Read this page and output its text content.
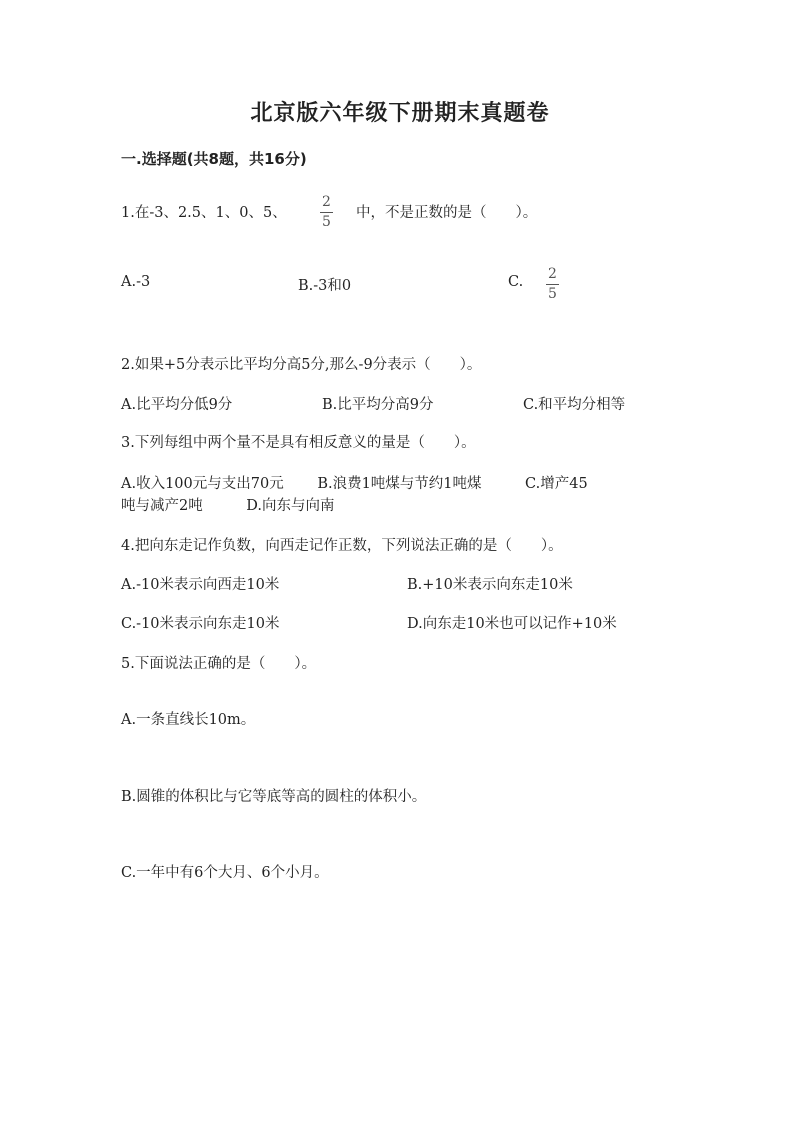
北京版六年级下册期末真题卷
一.选择题(共8题，共16分)
1.在-3、2.5、1、0、5、
2
5
中，不是正数的是（　　）。
A.-3	B.-3和0	C. 2
5
2.如果+5分表示比平均分高5分,那么-9分表示（　　）。
A.比平均分低9分	B.比平均分高9分	C.和平均分相等
3.下列每组中两个量不是具有相反意义的量是（　　）。
A.收入100元与支出70元　　 B.浪费1吨煤与节约1吨煤　　　C.增产45
吨与减产2吨　　　D.向东与向南
4.把向东走记作负数，向西走记作正数，下列说法正确的是（　　）。
A.-10米表示向西走10米	B.+10米表示向东走10米
C.-10米表示向东走10米	D.向东走10米也可以记作+10米
5.下面说法正确的是（　　）。
A.一条直线长10m。
B.圆锥的体积比与它等底等高的圆柱的体积小。
C.一年中有6个大月、6个小月。
